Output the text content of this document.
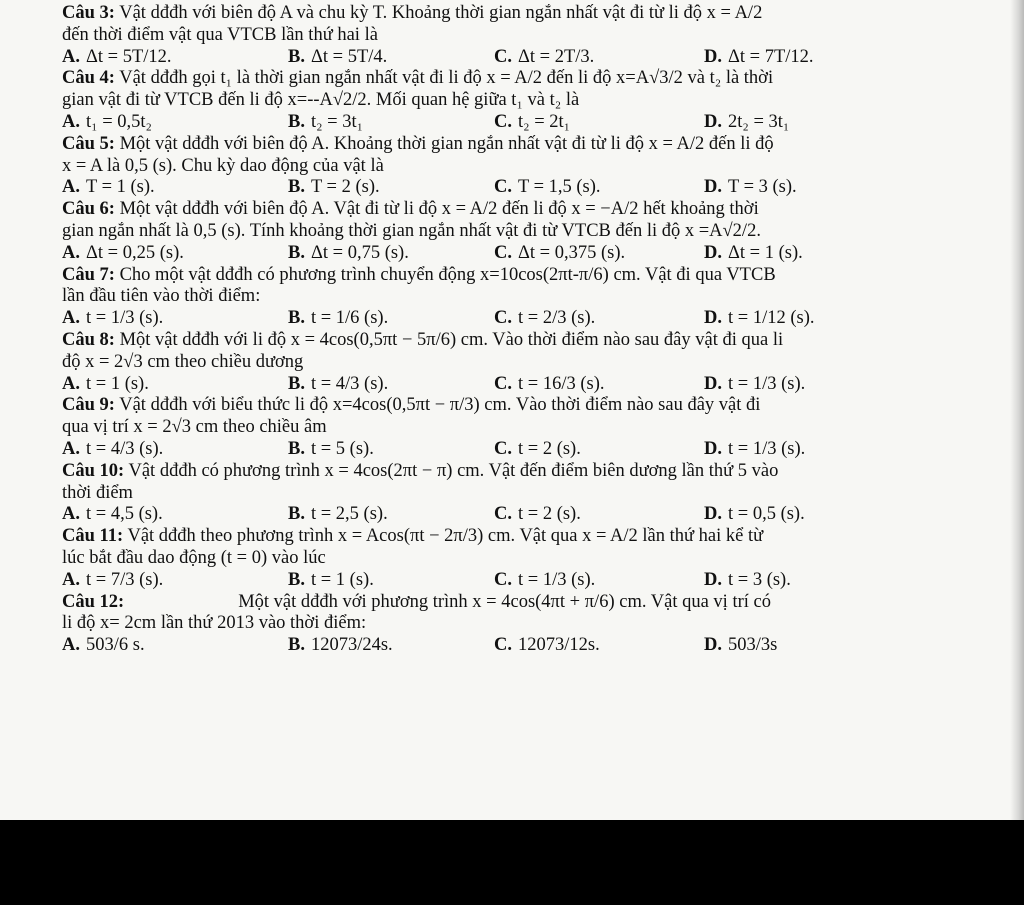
Câu 3: Vật dđđh với biên độ A và chu kỳ T. Khoảng thời gian ngắn nhất vật đi từ li độ x = A/2

đến thời điểm vật qua VTCB lần thứ hai là

A. Δt = 5T/12.	B. Δt = 5T/4.	C. Δt = 2T/3.	D. Δt = 7T/12.

Câu 4: Vật dđđh gọi t₁ là thời gian ngắn nhất vật đi li độ x = A/2 đến li độ x=A√3/2 và t₂ là thời

gian vật đi từ VTCB đến li độ x=--A√2/2. Mối quan hệ giữa t₁ và t₂ là

A. t₁ = 0,5t₂	B. t₂ = 3t₁	C. t₂ = 2t₁	D. 2t₂ = 3t₁

Câu 5: Một vật dđđh với biên độ A. Khoảng thời gian ngắn nhất vật đi từ li độ x = A/2 đến li độ

x = A là 0,5 (s). Chu kỳ dao động của vật là

A. T = 1 (s).	B. T = 2 (s).	C. T = 1,5 (s).	D. T = 3 (s).

Câu 6: Một vật dđđh với biên độ A. Vật đi từ li độ x = A/2 đến li độ x = −A/2 hết khoảng thời

gian ngắn nhất là 0,5 (s). Tính khoảng thời gian ngắn nhất vật đi từ VTCB đến li độ x =A√2/2.

A. Δt = 0,25 (s).	B. Δt = 0,75 (s).	C. Δt = 0,375 (s).	D. Δt = 1 (s).

Câu 7: Cho một vật dđđh có phương trình chuyển động x=10cos(2πt-π/6) cm. Vật đi qua VTCB

lần đầu tiên vào thời điểm:

A. t = 1/3 (s).	B. t = 1/6 (s).	C. t = 2/3 (s).	D. t = 1/12 (s).

Câu 8: Một vật dđđh với li độ x = 4cos(0,5πt − 5π/6) cm. Vào thời điểm nào sau đây vật đi qua li

độ x = 2√3 cm theo chiều dương

A. t = 1 (s).	B. t = 4/3 (s).	C. t = 16/3 (s).	D. t = 1/3 (s).

Câu 9: Vật dđđh với biểu thức li độ x=4cos(0,5πt − π/3) cm. Vào thời điểm nào sau đây vật đi

qua vị trí x = 2√3 cm theo chiều âm

A. t = 4/3 (s).	B. t = 5 (s).	C. t = 2 (s).	D. t = 1/3 (s).

Câu 10: Vật dđđh có phương trình x = 4cos(2πt − π) cm. Vật đến điểm biên dương lần thứ 5 vào

thời điểm

A. t = 4,5 (s).	B. t = 2,5 (s).	C. t = 2 (s).	D. t = 0,5 (s).

Câu 11: Vật dđđh theo phương trình x = Acos(πt − 2π/3) cm. Vật qua x = A/2 lần thứ hai kể từ

lúc bắt đầu dao động (t = 0) vào lúc

A. t = 7/3 (s).	B. t = 1 (s).	C. t = 1/3 (s).	D. t = 3 (s).

Câu 12:	Một vật dđđh với phương trình x = 4cos(4πt + π/6) cm. Vật qua vị trí có

li độ x= 2cm lần thứ 2013 vào thời điểm:

A. 503/6 s.	B. 12073/24s.	C. 12073/12s.	D. 503/3s
